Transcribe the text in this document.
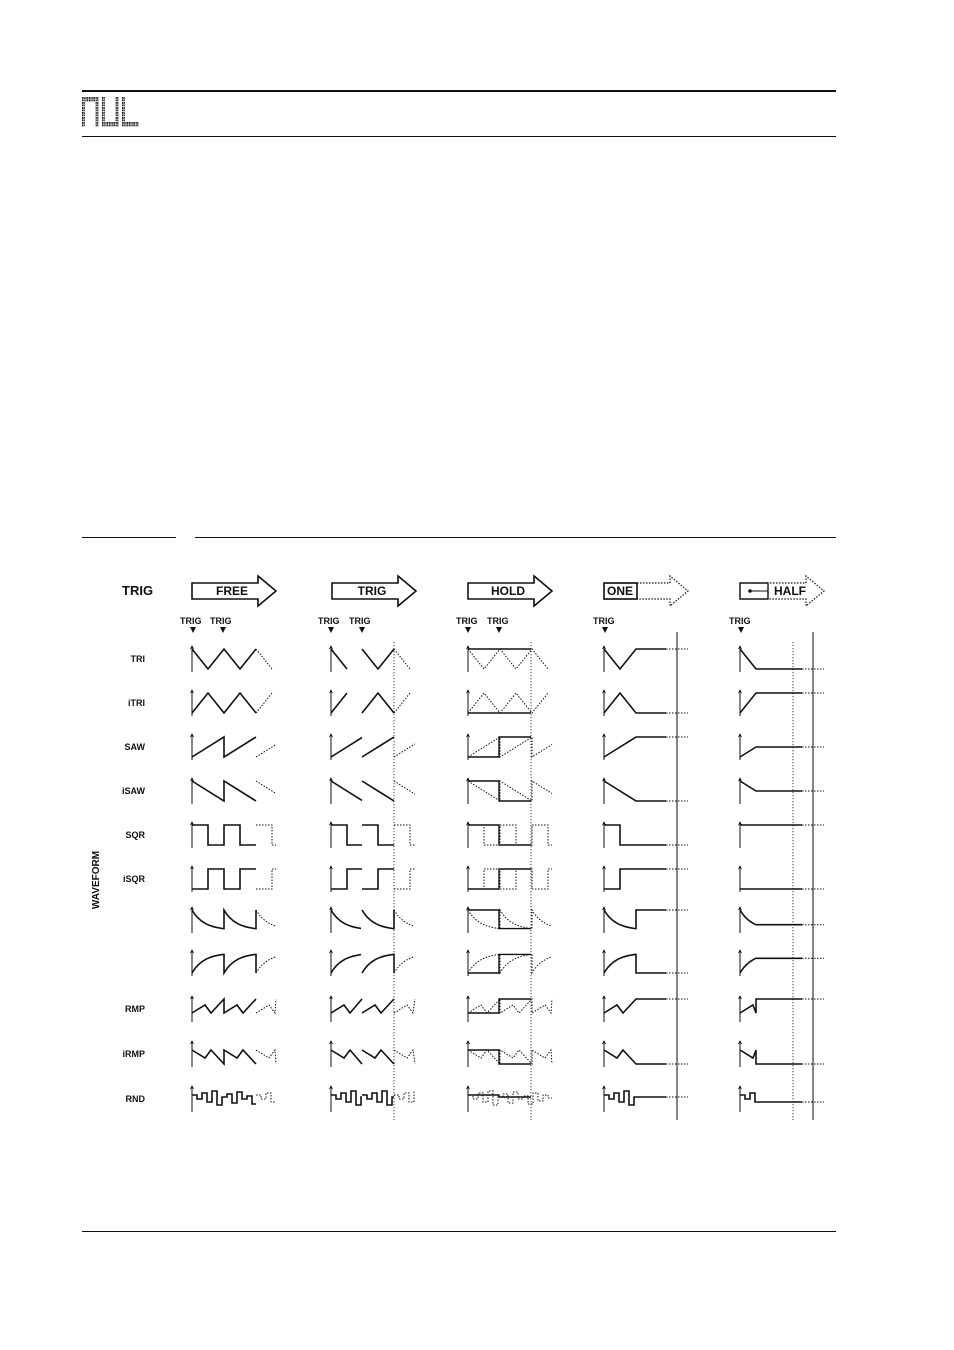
TRIG
WAVEFORM
FREE	TRIG	HOLD	ONE	HALF
TRIG TRIG	TRIG TRIG	TRIG TRIG	TRIG	TRIG
TRI
iTRI
SAW
iSAW
SQR
iSQR
RMP
iRMP
RND
